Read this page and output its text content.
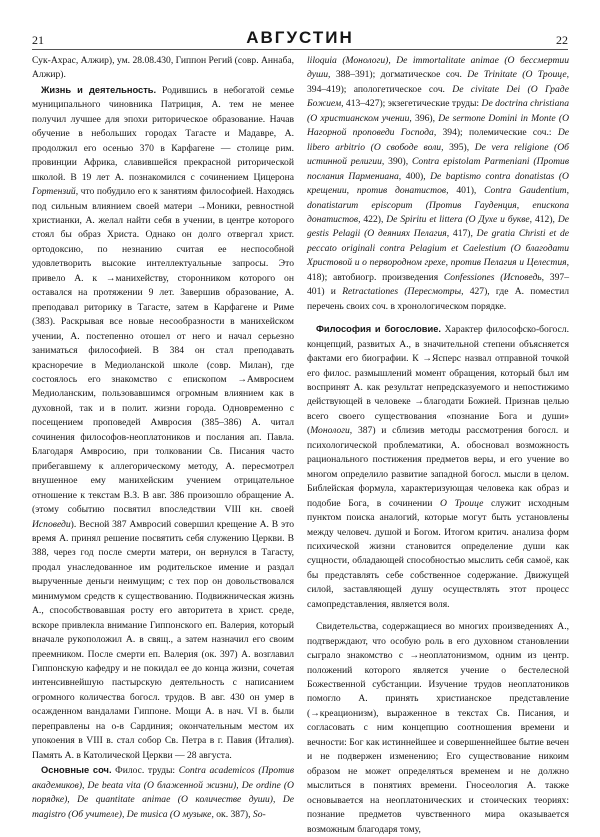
21	АВГУСТИН	22

Сук-Ахрас, Алжир), ум. 28.08.430, Гиппон Регий (совр. Аннаба, Алжир).

Жизнь и деятельность. Родившись в небогатой семье муниципального чиновника Патриция, А. тем не менее получил лучшее для эпохи риторическое образование. Начав обучение в небольших городах Тагасте и Мадавре, А. продолжил его осенью 370 в Карфагене — столице рим. провинции Африка, славившейся прекрасной риторической школой. В 19 лет А. познакомился с сочинением Цицерона Гортензий, что побудило его к занятиям философией. Находясь под сильным влиянием своей матери →Моники, ревностной христианки, А. желал найти себя в учении, в центре которого стоял бы образ Христа. Однако он долго отвергал христ. ортодоксию, по незнанию считая ее неспособной удовлетворить высокие интеллектуальные запросы. Это привело А. к →манихейству, сторонником которого он оставался на протяжении 9 лет. Завершив образование, А. преподавал риторику в Тагасте, затем в Карфагене и Риме (383). Раскрывая все новые несообразности в манихейском учении, А. постепенно отошел от него и начал серьезно заниматься философией. В 384 он стал преподавать красноречие в Медиоланской школе (совр. Милан), где состоялось его знакомство с епископом →Амвросием Медиоланским, пользовавшимся огромным влиянием как в духовной, так и в полит. жизни города. Одновременно с посещением проповедей Амвросия (385–386) А. читал сочинения философов-неоплатоников и послания ап. Павла. Благодаря Амвросию, при толковании Св. Писания часто прибегавшему к аллегорическому методу, А. пересмотрел внушенное ему манихейским учением отрицательное отношение к текстам В.З. В авг. 386 произошло обращение А. (этому событию посвятил впоследствии VIII кн. своей Исповеди). Весной 387 Амвросий совершил крещение А. В это время А. принял решение посвятить себя служению Церкви. В 388, через год после смерти матери, он вернулся в Тагасту, продал унаследованное им родительское имение и раздал вырученные деньги неимущим; с тех пор он довольствовался минимумом средств к существованию. Подвижническая жизнь А., способствовавшая росту его авторитета в христ. среде, вскоре привлекла внимание Гиппонского еп. Валерия, который вначале рукоположил А. в свящ., а затем назначил его своим преемником. После смерти еп. Валерия (ок. 397) А. возглавил Гиппонскую кафедру и не покидал ее до конца жизни, сочетая интенсивнейшую пастырскую деятельность с написанием огромного количества богосл. трудов. В авг. 430 он умер в осажденном вандалами Гиппоне. Мощи А. в нач. VI в. были переправлены на о-в Сардиния; окончательным местом их упокоения в VIII в. стал собор Св. Петра в г. Павия (Италия). Память А. в Католической Церкви — 28 августа.

Основные соч. Филос. труды: Contra academicos (Против академиков), De beata vita (О блаженной жизни), De ordine (О порядке), De quantitate animae (О количестве души), De magistro (Об учителе), De musica (О музыке, ок. 387), So-

liloquia (Монологи), De immortalitate animae (О бессмертии души, 388–391); догматическое соч. De Trinitate (О Троице, 394–419); апологетическое соч. De civitate Dei (О Граде Божием, 413–427); экзегетические труды: De doctrina christiana (О христианском учении, 396), De sermone Domini in Monte (О Нагорной проповеди Господа, 394); полемические соч.: De libero arbitrio (О свободе воли, 395), De vera religione (Об истинной религии, 390), Contra epistolam Parmeniani (Против послания Пармениана, 400), De baptismo contra donatistas (О крещении, против донатистов, 401), Contra Gaudentium, donatistarum episcopum (Против Гауденция, епископа донатистов, 422), De Spiritu et littera (О Духе и букве, 412), De gestis Pelagii (О деяниях Пелагия, 417), De gratia Christi et de peccato originali contra Pelagium et Caelestium (О благодати Христовой и о первородном грехе, против Пелагия и Целестия, 418); автобиогр. произведения Confessiones (Исповедь, 397–401) и Retractationes (Пересмотры, 427), где А. поместил перечень своих соч. в хронологическом порядке.

Философия и богословие. Характер философско-богосл. концепций, развитых А., в значительной степени объясняется фактами его биографии. К →Ясперс назвал отправной точкой его филос. размышлений момент обращения, который был им воспринят А. как результат непредсказуемого и непостижимо действующей в человеке →благодати Божией. Признав целью всего своего существования «познание Бога и души» (Монологи, 387) и сблизив методы рассмотрения богосл. и психологической проблематики, А. обосновал возможность рационального постижения предметов веры, и его учение во многом определило развитие западной богосл. мысли в целом. Библейская формула, характеризующая человека как образ и подобие Бога, в сочинении О Троице служит исходным пунктом поиска аналогий, которые могут быть установлены между человеч. душой и Богом. Итогом критич. анализа форм психической жизни становится определение души как сущности, обладающей способностью мыслить себя самоё, как бы представлять себе собственное содержание. Движущей силой, заставляющей душу осуществлять этот процесс самопредставления, является воля.

Свидетельства, содержащиеся во многих произведениях А., подтверждают, что особую роль в его духовном становлении сыграло знакомство с →неоплатонизмом, одним из центр. положений которого является учение о бестелесной Божественной субстанции. Изучение трудов неоплатоников помогло А. принять христианское представление (→креационизм), выраженное в текстах Св. Писания, и согласовать с ним концепцию соотношения времени и вечности: Бог как истиннейшее и совершеннейшее бытие вечен и не подвержен изменению; Его существование никоим образом не может определяться временем и не должно мыслиться в понятиях времени. Гносеология А. также основывается на неоплатонических и стоических теориях: познание предметов чувственного мира оказывается возможным благодаря тому,
